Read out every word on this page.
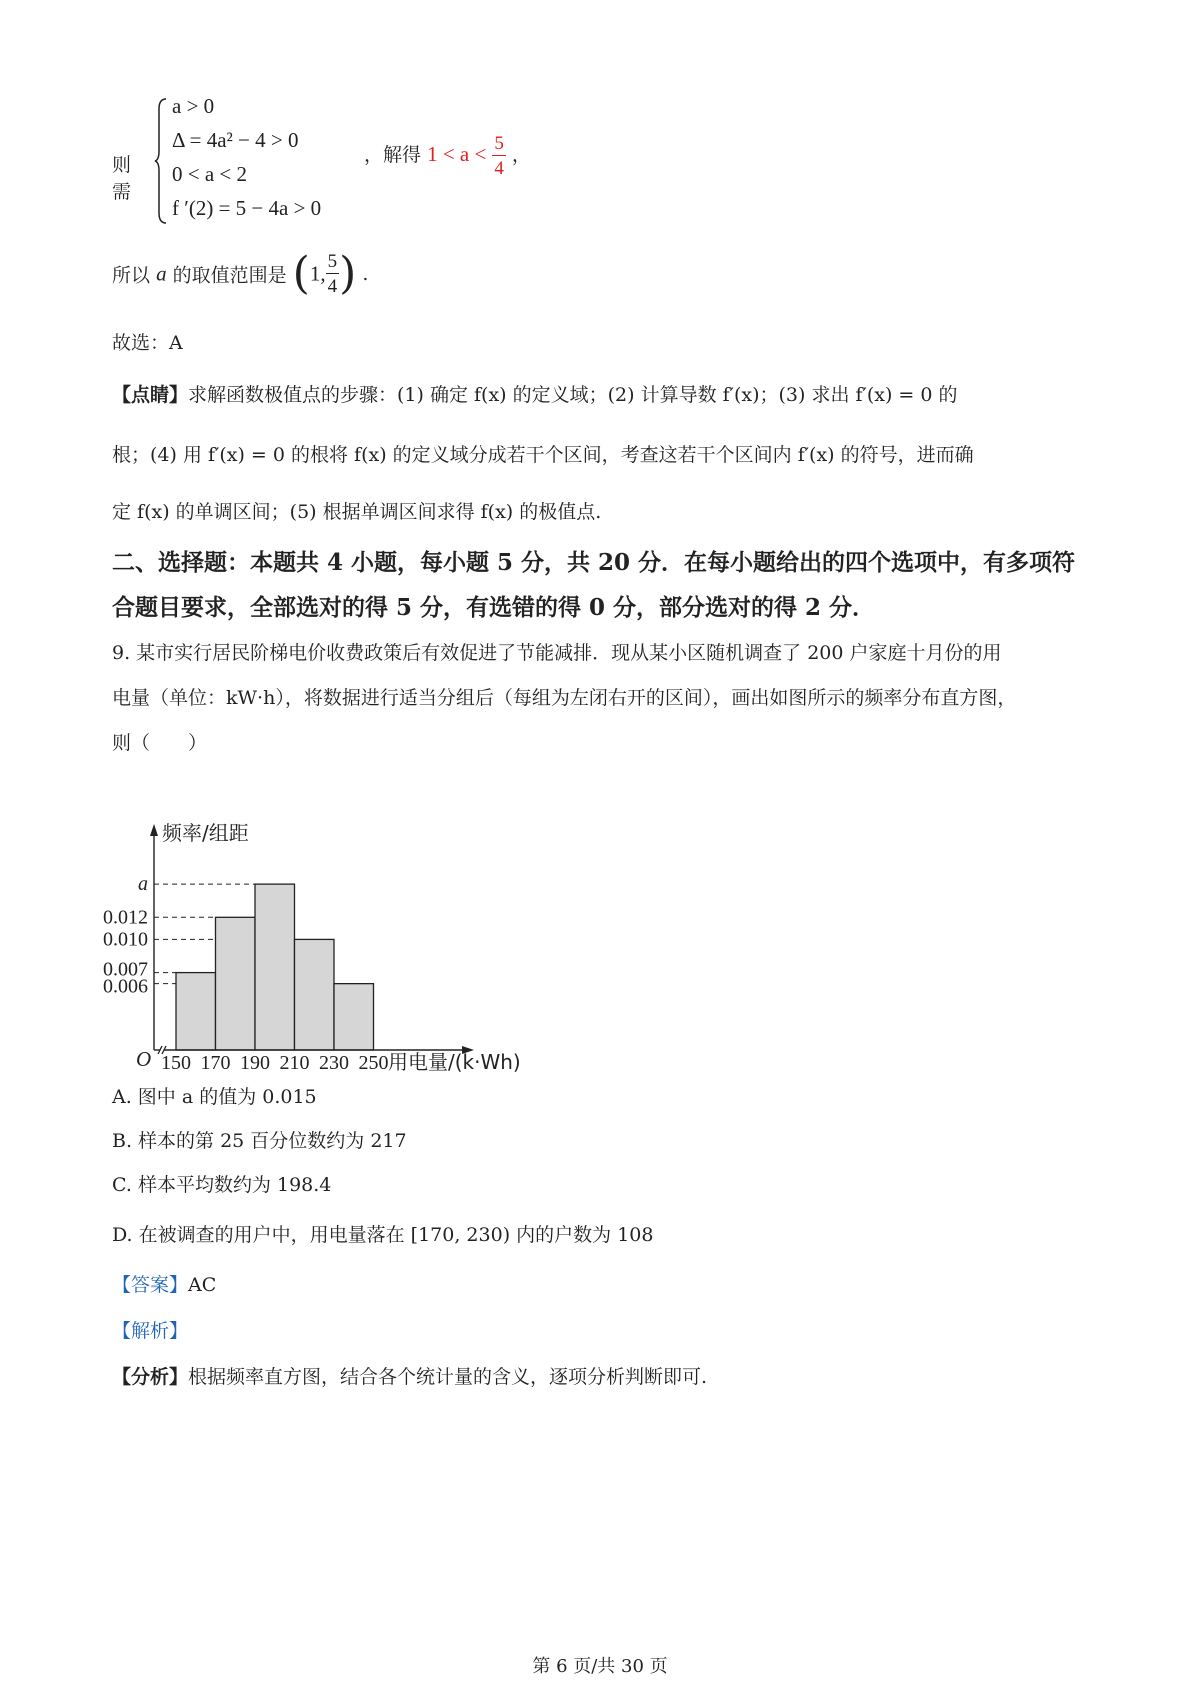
则需
a > 0
Δ = 4a² − 4 > 0
0 < a < 2
f ′(2) = 5 − 4a > 0
，解得 $1 < a < \frac{5}{4}$ ，
所以 a 的取值范围是 (1, $\frac{5}{4}$ ) .
故选：A
【点睛】求解函数极值点的步骤：(1) 确定 f(x) 的定义域；(2) 计算导数 f′(x)；(3) 求出 f′(x) = 0 的
根；(4) 用 f′(x) = 0 的根将 f(x) 的定义域分成若干个区间，考查这若干个区间内 f′(x) 的符号，进而确
定 f(x) 的单调区间；(5) 根据单调区间求得 f(x) 的极值点.
二、选择题：本题共 4 小题，每小题 5 分，共 20 分．在每小题给出的四个选项中，有多项符
合题目要求，全部选对的得 5 分，有选错的得 0 分，部分选对的得 2 分．
9. 某市实行居民阶梯电价收费政策后有效促进了节能减排．现从某小区随机调查了 200 户家庭十月份的用
电量（单位：kW·h），将数据进行适当分组后（每组为左闭右开的区间），画出如图所示的频率分布直方图，
则（　　）
a
0.012
0.010
0.007
0.006
150 170 190 210 230 250
O
频率/组距
用电量/(k·Wh)
A. 图中 a 的值为 0.015
B. 样本的第 25 百分位数约为 217
C. 样本平均数约为 198.4
D. 在被调查的用户中，用电量落在 [170, 230) 内的户数为 108
【答案】AC
【解析】
【分析】根据频率直方图，结合各个统计量的含义，逐项分析判断即可.
第 6 页/共 30 页
